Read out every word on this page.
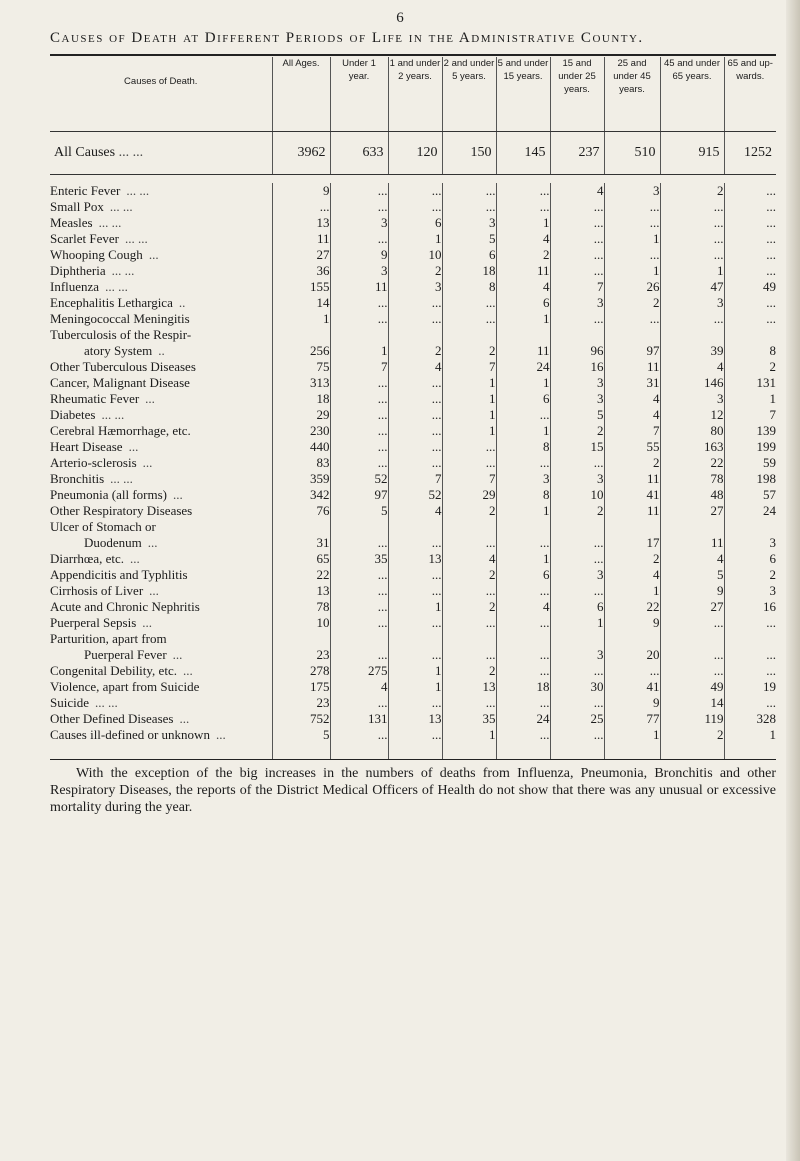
6
Causes of Death at Different Periods of Life in the Administrative County.
Causes of Death.	All Ages.	Under 1 year.	1 and under 2 years.	2 and under 5 years.	5 and under 15 years.	15 and under 25 years.	25 and under 45 years.	45 and under 65 years.	65 and up-wards.
All Causes ... ...	3962	633	120	150	145	237	510	915	1252

Enteric Fever ... ...	9	...	...	...	...	4	3	2	...
Small Pox ... ...	...	...	...	...	...	...	...	...	...
Measles ... ...	13	3	6	3	1	...	...	...	...
Scarlet Fever ... ...	11	...	1	5	4	...	1	...	...
Whooping Cough ...	27	9	10	6	2	...	...	...	...
Diphtheria ... ...	36	3	2	18	11	...	1	1	...
Influenza ... ...	155	11	3	8	4	7	26	47	49
Encephalitis Lethargica ..	14	...	...	...	6	3	2	3	...
Meningococcal Meningitis	1	...	...	...	1	...	...	...	...
Tuberculosis of the Respir-									
atory System ..	256	1	2	2	11	96	97	39	8
Other Tuberculous Diseases	75	7	4	7	24	16	11	4	2
Cancer, Malignant Disease	313	...	...	1	1	3	31	146	131
Rheumatic Fever ...	18	...	...	1	6	3	4	3	1
Diabetes ... ...	29	...	...	1	...	5	4	12	7
Cerebral Hæmorrhage, etc.	230	...	...	1	1	2	7	80	139
Heart Disease ...	440	...	...	...	8	15	55	163	199
Arterio-sclerosis ...	83	...	...	...	...	...	2	22	59
Bronchitis ... ...	359	52	7	7	3	3	11	78	198
Pneumonia (all forms) ...	342	97	52	29	8	10	41	48	57
Other Respiratory Diseases	76	5	4	2	1	2	11	27	24
Ulcer of Stomach or									
Duodenum ...	31	...	...	...	...	...	17	11	3
Diarrhœa, etc. ...	65	35	13	4	1	...	2	4	6
Appendicitis and Typhlitis	22	...	...	2	6	3	4	5	2
Cirrhosis of Liver ...	13	...	...	...	...	...	1	9	3
Acute and Chronic Nephritis	78	...	1	2	4	6	22	27	16
Puerperal Sepsis ...	10	...	...	...	...	1	9	...	...
Parturition, apart from									
Puerperal Fever ...	23	...	...	...	...	3	20	...	...
Congenital Debility, etc. ...	278	275	1	2	...	...	...	...	...
Violence, apart from Suicide	175	4	1	13	18	30	41	49	19
Suicide ... ...	23	...	...	...	...	...	9	14	...
Other Defined Diseases ...	752	131	13	35	24	25	77	119	328
Causes ill-defined or unknown ...	5	...	...	1	...	...	1	2	1

With the exception of the big increases in the numbers of deaths from Influenza, Pneumonia, Bronchitis and other Respiratory Diseases, the reports of the District Medical Officers of Health do not show that there was any unusual or excessive mortality during the year.
